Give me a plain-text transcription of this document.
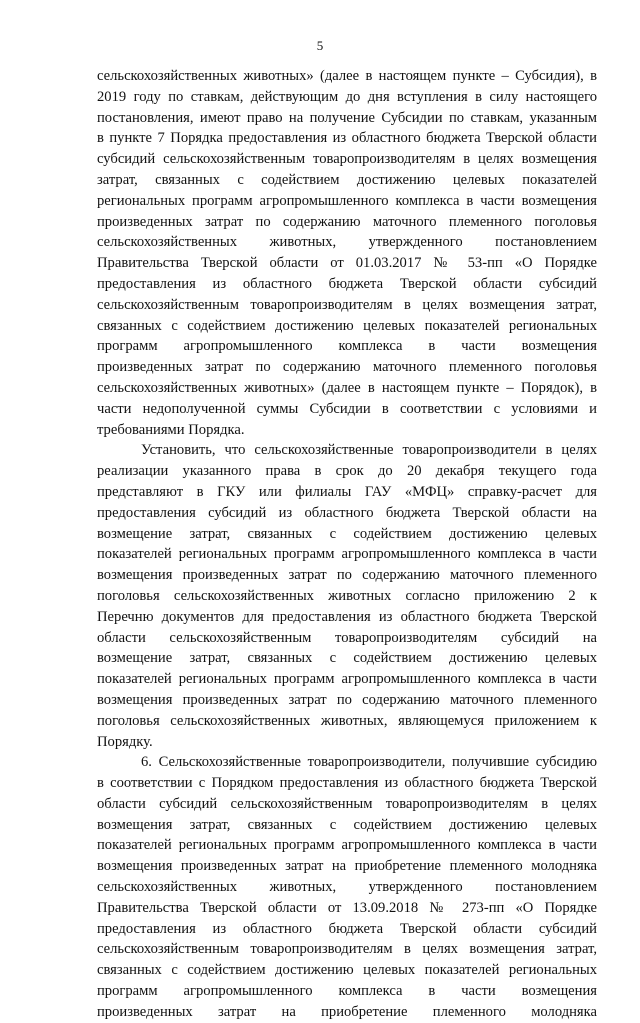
5
сельскохозяйственных животных» (далее в настоящем пункте – Субсидия), в
2019 году по ставкам, действующим до дня вступления в силу настоящего
постановления, имеют право на получение Субсидии по ставкам, указанным
в пункте 7 Порядка предоставления из областного бюджета Тверской области
субсидий сельскохозяйственным товаропроизводителям в целях возмещения
затрат, связанных с содействием достижению целевых показателей
региональных программ агропромышленного комплекса в части возмещения
произведенных затрат по содержанию маточного племенного поголовья
сельскохозяйственных животных, утвержденного постановлением
Правительства Тверской области от 01.03.2017 № 53-пп «О Порядке
предоставления из областного бюджета Тверской области субсидий
сельскохозяйственным товаропроизводителям в целях возмещения затрат,
связанных с содействием достижению целевых показателей региональных
программ агропромышленного комплекса в части возмещения
произведенных затрат по содержанию маточного племенного поголовья
сельскохозяйственных животных» (далее в настоящем пункте – Порядок), в
части недополученной суммы Субсидии в соответствии с условиями и
требованиями Порядка.
Установить, что сельскохозяйственные товаропроизводители в целях
реализации указанного права в срок до 20 декабря текущего года
представляют в ГКУ или филиалы ГАУ «МФЦ» справку-расчет для
предоставления субсидий из областного бюджета Тверской области на
возмещение затрат, связанных с содействием достижению целевых
показателей региональных программ агропромышленного комплекса в части
возмещения произведенных затрат по содержанию маточного племенного
поголовья сельскохозяйственных животных согласно приложению 2 к
Перечню документов для предоставления из областного бюджета Тверской
области сельскохозяйственным товаропроизводителям субсидий на
возмещение затрат, связанных с содействием достижению целевых
показателей региональных программ агропромышленного комплекса в части
возмещения произведенных затрат по содержанию маточного племенного
поголовья сельскохозяйственных животных, являющемуся приложением к
Порядку.
6. Сельскохозяйственные товаропроизводители, получившие субсидию
в соответствии с Порядком предоставления из областного бюджета Тверской
области субсидий сельскохозяйственным товаропроизводителям в целях
возмещения затрат, связанных с содействием достижению целевых
показателей региональных программ агропромышленного комплекса в части
возмещения произведенных затрат на приобретение племенного молодняка
сельскохозяйственных животных, утвержденного постановлением
Правительства Тверской области от 13.09.2018 № 273-пп «О Порядке
предоставления из областного бюджета Тверской области субсидий
сельскохозяйственным товаропроизводителям в целях возмещения затрат,
связанных с содействием достижению целевых показателей региональных
программ агропромышленного комплекса в части возмещения
произведенных затрат на приобретение племенного молодняка
